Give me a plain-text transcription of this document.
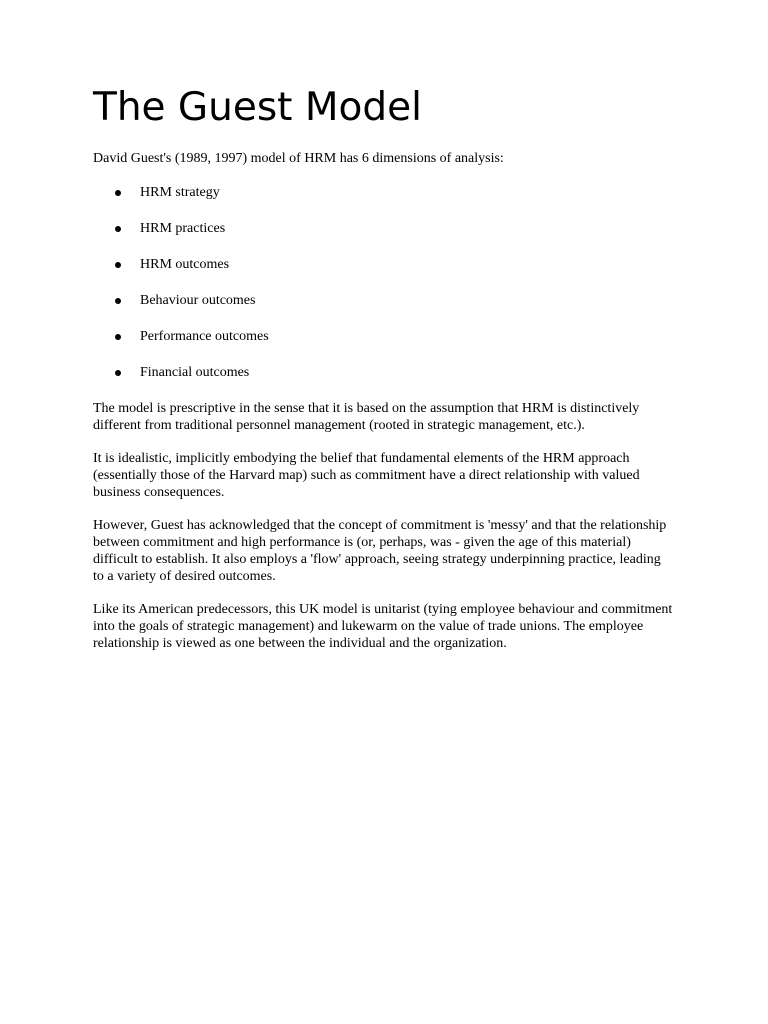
The Guest Model

David Guest's (1989, 1997) model of HRM has 6 dimensions of analysis:

HRM strategy
HRM practices
HRM outcomes
Behaviour outcomes
Performance outcomes
Financial outcomes

The model is prescriptive in the sense that it is based on the assumption that HRM is distinctively different from traditional personnel management (rooted in strategic management, etc.).

It is idealistic, implicitly embodying the belief that fundamental elements of the HRM approach (essentially those of the Harvard map) such as commitment have a direct relationship with valued business consequences.

However, Guest has acknowledged that the concept of commitment is 'messy' and that the relationship between commitment and high performance is (or, perhaps, was - given the age of this material) difficult to establish. It also employs a 'flow' approach, seeing strategy underpinning practice, leading to a variety of desired outcomes.

Like its American predecessors, this UK model is unitarist (tying employee behaviour and commitment into the goals of strategic management) and lukewarm on the value of trade unions. The employee relationship is viewed as one between the individual and the organization.
